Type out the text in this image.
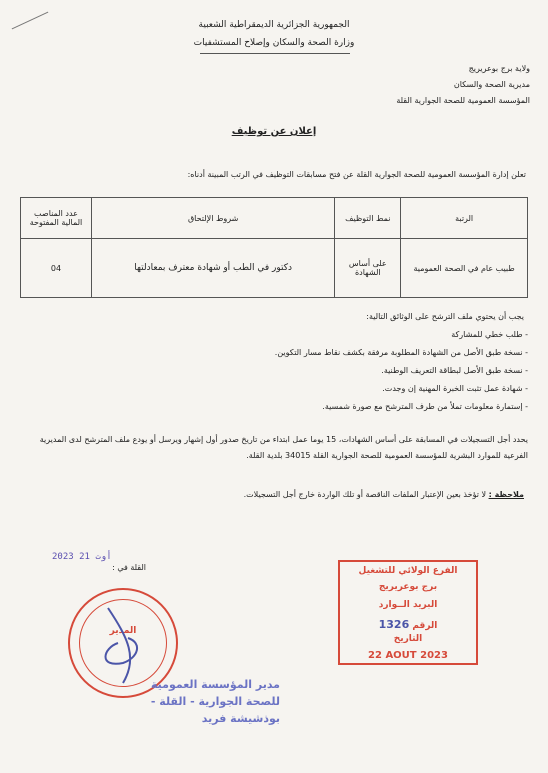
الجمهورية الجزائرية الديمقراطية الشعبية
وزارة الصحة والسكان وإصلاح المستشفيات
ولاية برج بوعريريج
مديرية الصحة والسكان
المؤسسة العمومية للصحة الجوارية القلة
إعلان عن توظيف
تعلن إدارة المؤسسة العمومية للصحة الجوارية القلة عن فتح مسابقات التوظيف في الرتب المبينة أدناه:
الرتبة	نمط التوظيف	شروط الإلتحاق	عدد المناصب المالية المفتوحة
طبيب عام في الصحة العمومية	على أساس الشهادة	دكتور في الطب أو شهادة معترف بمعادلتها	04
يجب أن يحتوي ملف الترشح على الوثائق التالية:
- طلب خطي للمشاركة
- نسخة طبق الأصل من الشهادة المطلوبة مرفقة بكشف نقاط مسار التكوين.
- نسخة طبق الأصل لبطاقة التعريف الوطنية.
- شهادة عمل تثبت الخبرة المهنية إن وجدت.
- إستمارة معلومات تملأ من طرف المترشح مع صورة شمسية.
يحدد أجل التسجيلات في المسابقة على أساس الشهادات، 15 يوما عمل ابتداء من تاريخ صدور أول إشهار ويرسل أو يودع ملف المترشح لدى المديرية الفرعية للموارد البشرية للمؤسسة العمومية للصحة الجوارية القلة 34015 بلدية القلة.
ملاحظة : لا تؤخذ بعين الإعتبار الملفات الناقصة أو تلك الواردة خارج أجل التسجيلات.
القلة في :
2023 أوت 21
المدير
مدير المؤسسة العمومية
للصحة الجوارية - القلة -
بوذشيشة فريد
الفرع الولائي للتشغيل
برج بوعريريج
البريد الــوارد
الرقم 1326
التاريخ
22 AOUT 2023
